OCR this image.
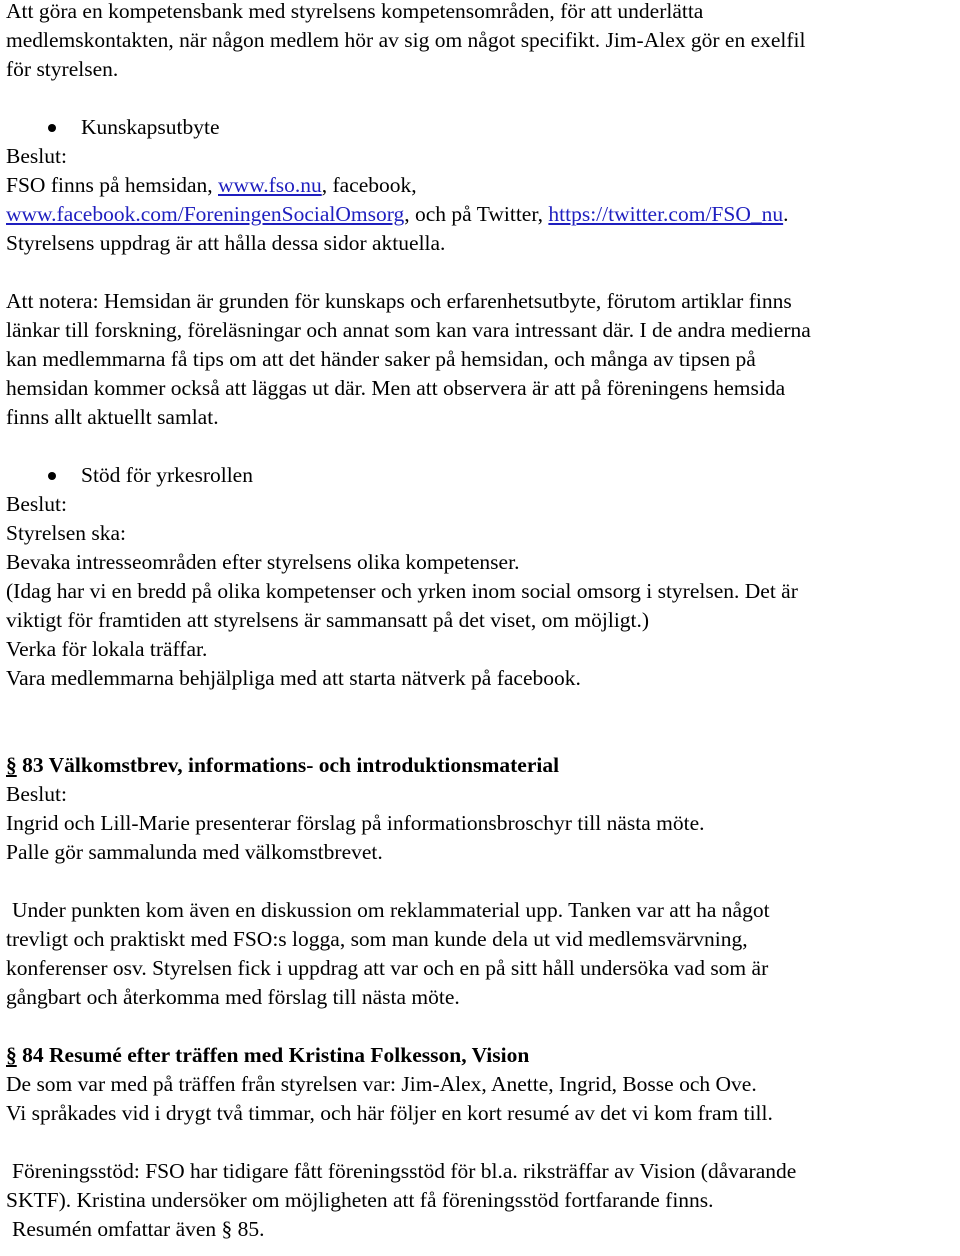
Att göra en kompetensbank med styrelsens kompetensområden, för att underlätta

medlemskontakten, när någon medlem hör av sig om något specifikt. Jim-Alex gör en exelfil

för styrelsen.

Kunskapsutbyte

Beslut:

FSO finns på hemsidan, www.fso.nu, facebook,

www.facebook.com/ForeningenSocialOmsorg, och på Twitter, https://twitter.com/FSO_nu.

Styrelsens uppdrag är att hålla dessa sidor aktuella.

Att notera: Hemsidan är grunden för kunskaps och erfarenhetsutbyte, förutom artiklar finns

länkar till forskning, föreläsningar och annat som kan vara intressant där. I de andra medierna

kan medlemmarna få tips om att det händer saker på hemsidan, och många av tipsen på

hemsidan kommer också att läggas ut där. Men att observera är att på föreningens hemsida

finns allt aktuellt samlat.

Stöd för yrkesrollen

Beslut:

Styrelsen ska:

Bevaka intresseområden efter styrelsens olika kompetenser.

(Idag har vi en bredd på olika kompetenser och yrken inom social omsorg i styrelsen. Det är

viktigt för framtiden att styrelsens är sammansatt på det viset, om möjligt.)

Verka för lokala träffar.

Vara medlemmarna behjälpliga med att starta nätverk på facebook.

§ 83 Välkomstbrev, informations- och introduktionsmaterial

Beslut:

Ingrid och Lill-Marie presenterar förslag på informationsbroschyr till nästa möte.

Palle gör sammalunda med välkomstbrevet.

Under punkten kom även en diskussion om reklammaterial upp. Tanken var att ha något

trevligt och praktiskt med FSO:s logga, som man kunde dela ut vid medlemsvärvning,

konferenser osv. Styrelsen fick i uppdrag att var och en på sitt håll undersöka vad som är

gångbart och återkomma med förslag till nästa möte.

§ 84 Resumé efter träffen med Kristina Folkesson, Vision

De som var med på träffen från styrelsen var: Jim-Alex, Anette, Ingrid, Bosse och Ove.

Vi språkades vid i drygt två timmar, och här följer en kort resumé av det vi kom fram till.

Föreningsstöd: FSO har tidigare fått föreningsstöd för bl.a. riksträffar av Vision (dåvarande

SKTF). Kristina undersöker om möjligheten att få föreningsstöd fortfarande finns.

Resumén omfattar även § 85.
